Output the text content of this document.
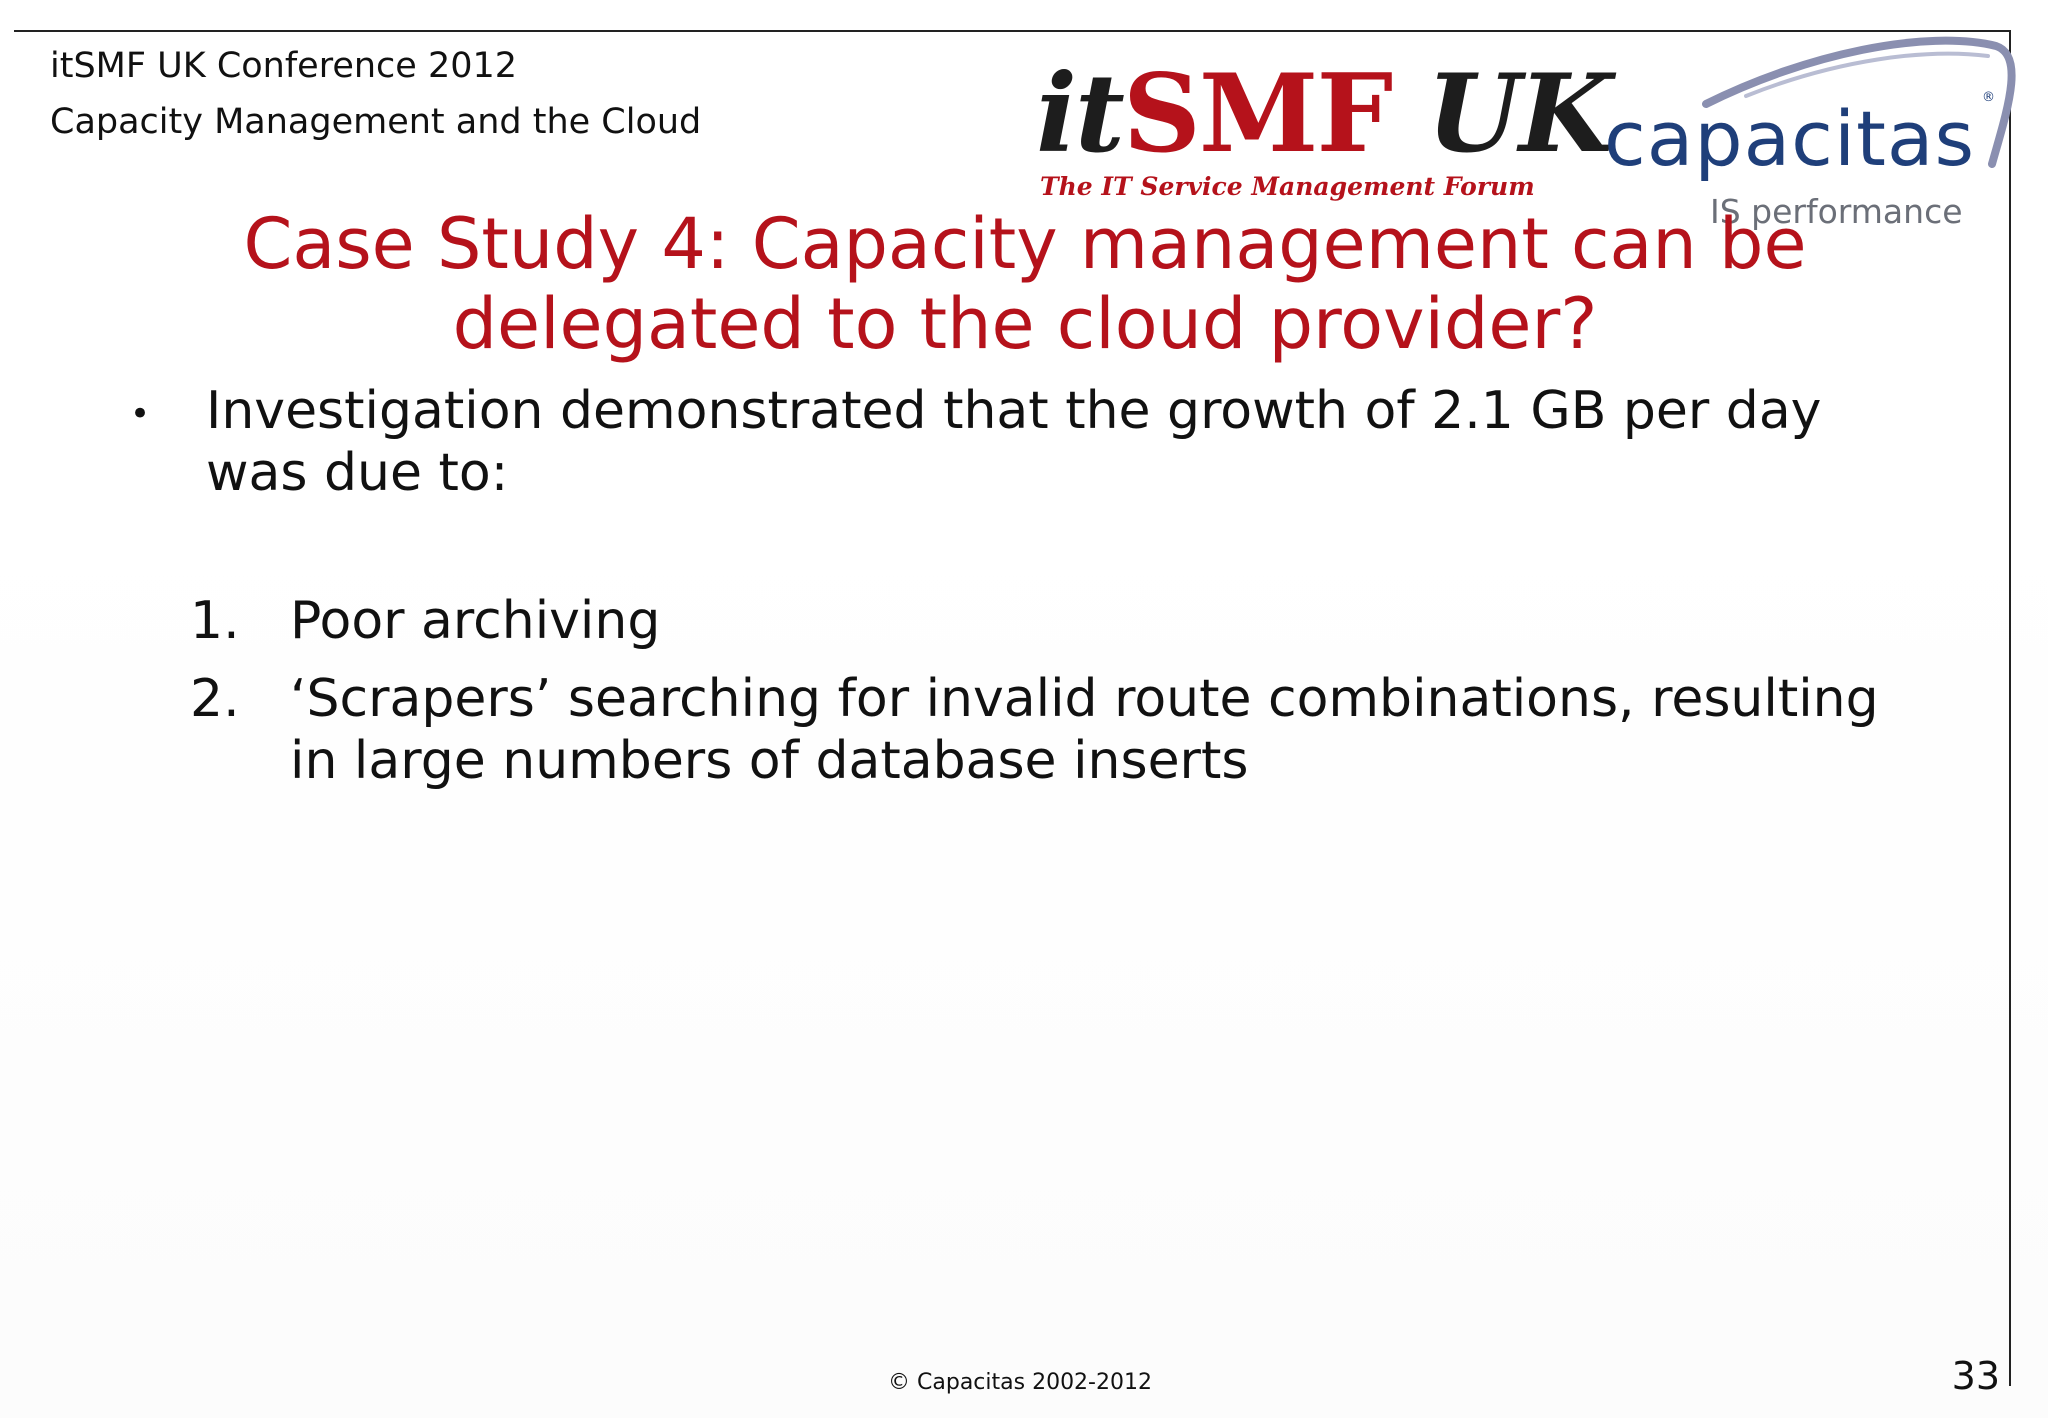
itSMF UK Conference 2012
Capacity Management and the Cloud	itSMF UK
The IT Service Management Forum
capacitas ®
IS performance
Case Study 4: Capacity management can be delegated to the cloud provider?
• Investigation demonstrated that the growth of 2.1 GB per day was due to:
1. Poor archiving
2. ‘Scrapers’ searching for invalid route combinations, resulting in large numbers of database inserts
© Capacitas 2002-2012	33
